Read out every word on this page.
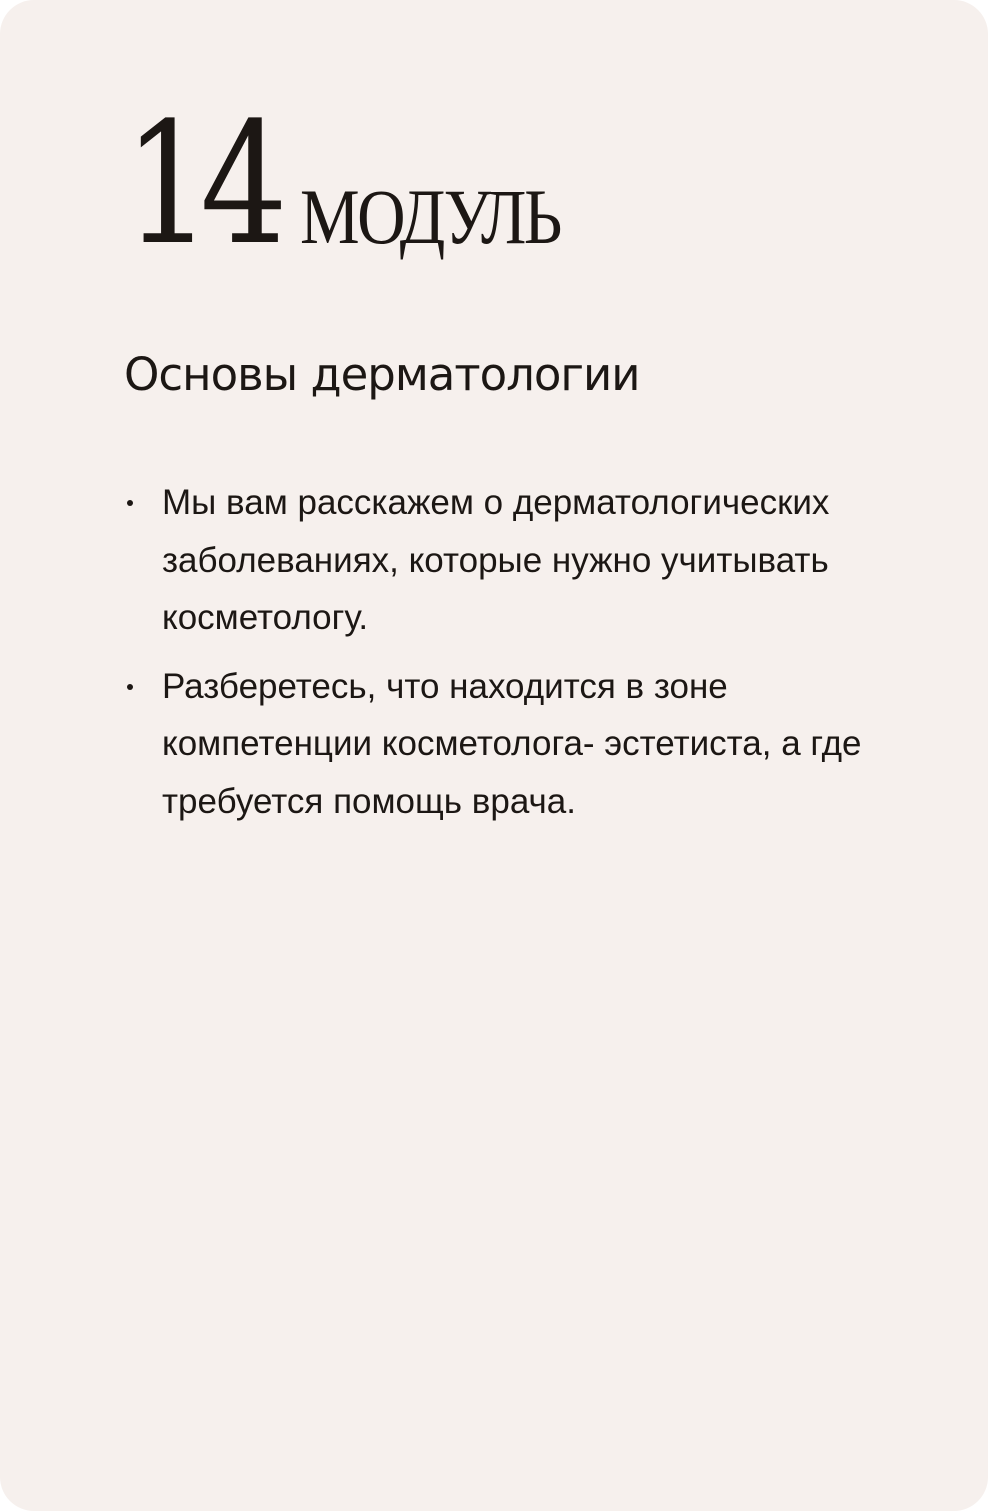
14 МОДУЛЬ
Основы дерматологии
Мы вам расскажем о дерматологических заболеваниях, которые нужно учитывать косметологу.
Разберетесь, что находится в зоне компетенции косметолога- эстетиста, а где требуется помощь врача.
